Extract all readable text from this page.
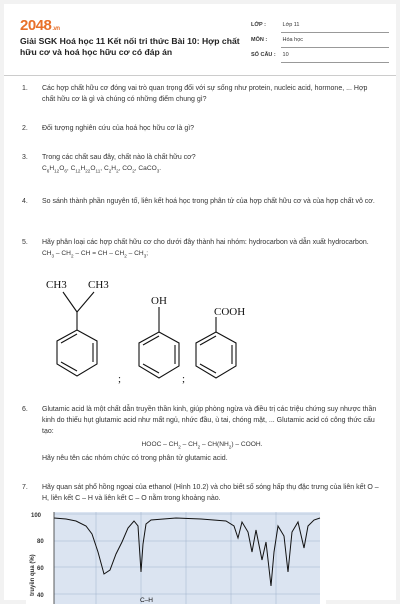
2048.vn
Giải SGK Hoá học 11 Kết nối tri thức Bài 10: Hợp chất hữu cơ và hoá học hữu cơ có đáp án
LỚP :	Lớp 11
MÔN :	Hóa học
SỐ CÂU : 10
1. Các hợp chất hữu cơ đóng vai trò quan trọng đối với sự sống như protein, nucleic acid, hormone, ... Hợp chất hữu cơ là gì và chúng có những điểm chung gì?
2. Đối tượng nghiên cứu của hoá học hữu cơ là gì?
3. Trong các chất sau đây, chất nào là chất hữu cơ?
$C_6H_{12}O_6$, $C_{12}H_{22}O_{11}$, $C_2H_2$, $CO_2$, CaCO$_3$.
4. So sánh thành phần nguyên tố, liên kết hoá học trong phân tử của hợp chất hữu cơ và của hợp chất vô cơ.
5. Hãy phân loại các hợp chất hữu cơ cho dưới đây thành hai nhóm: hydrocarbon và dẫn xuất hydrocarbon.
$CH_3 - CH_2$ – CH = CH – $CH_2 - CH_3$;
CH3 CH3
OH
COOH
;	;
6. Glutamic acid là một chất dẫn truyền thần kinh, giúp phòng ngừa và điều trị các triệu chứng suy nhược thần kinh do thiếu hụt glutamic acid như mất ngủ, nhức đầu, ù tai, chóng mặt, ... Glutamic acid có công thức cấu tạo:
HOOC – $CH_2 - CH_2 - CH(NH_2)$ – COOH.
Hãy nêu tên các nhóm chức có trong phân tử glutamic acid.
7. Hãy quan sát phổ hồng ngoại của ethanol (Hình 10.2) và cho biết số sóng hấp thụ đặc trưng của liên kết O – H, liên kết C – H và liên kết C – O nằm trong khoảng nào.
100
80
60
40
truyền qua (%)
C–H
